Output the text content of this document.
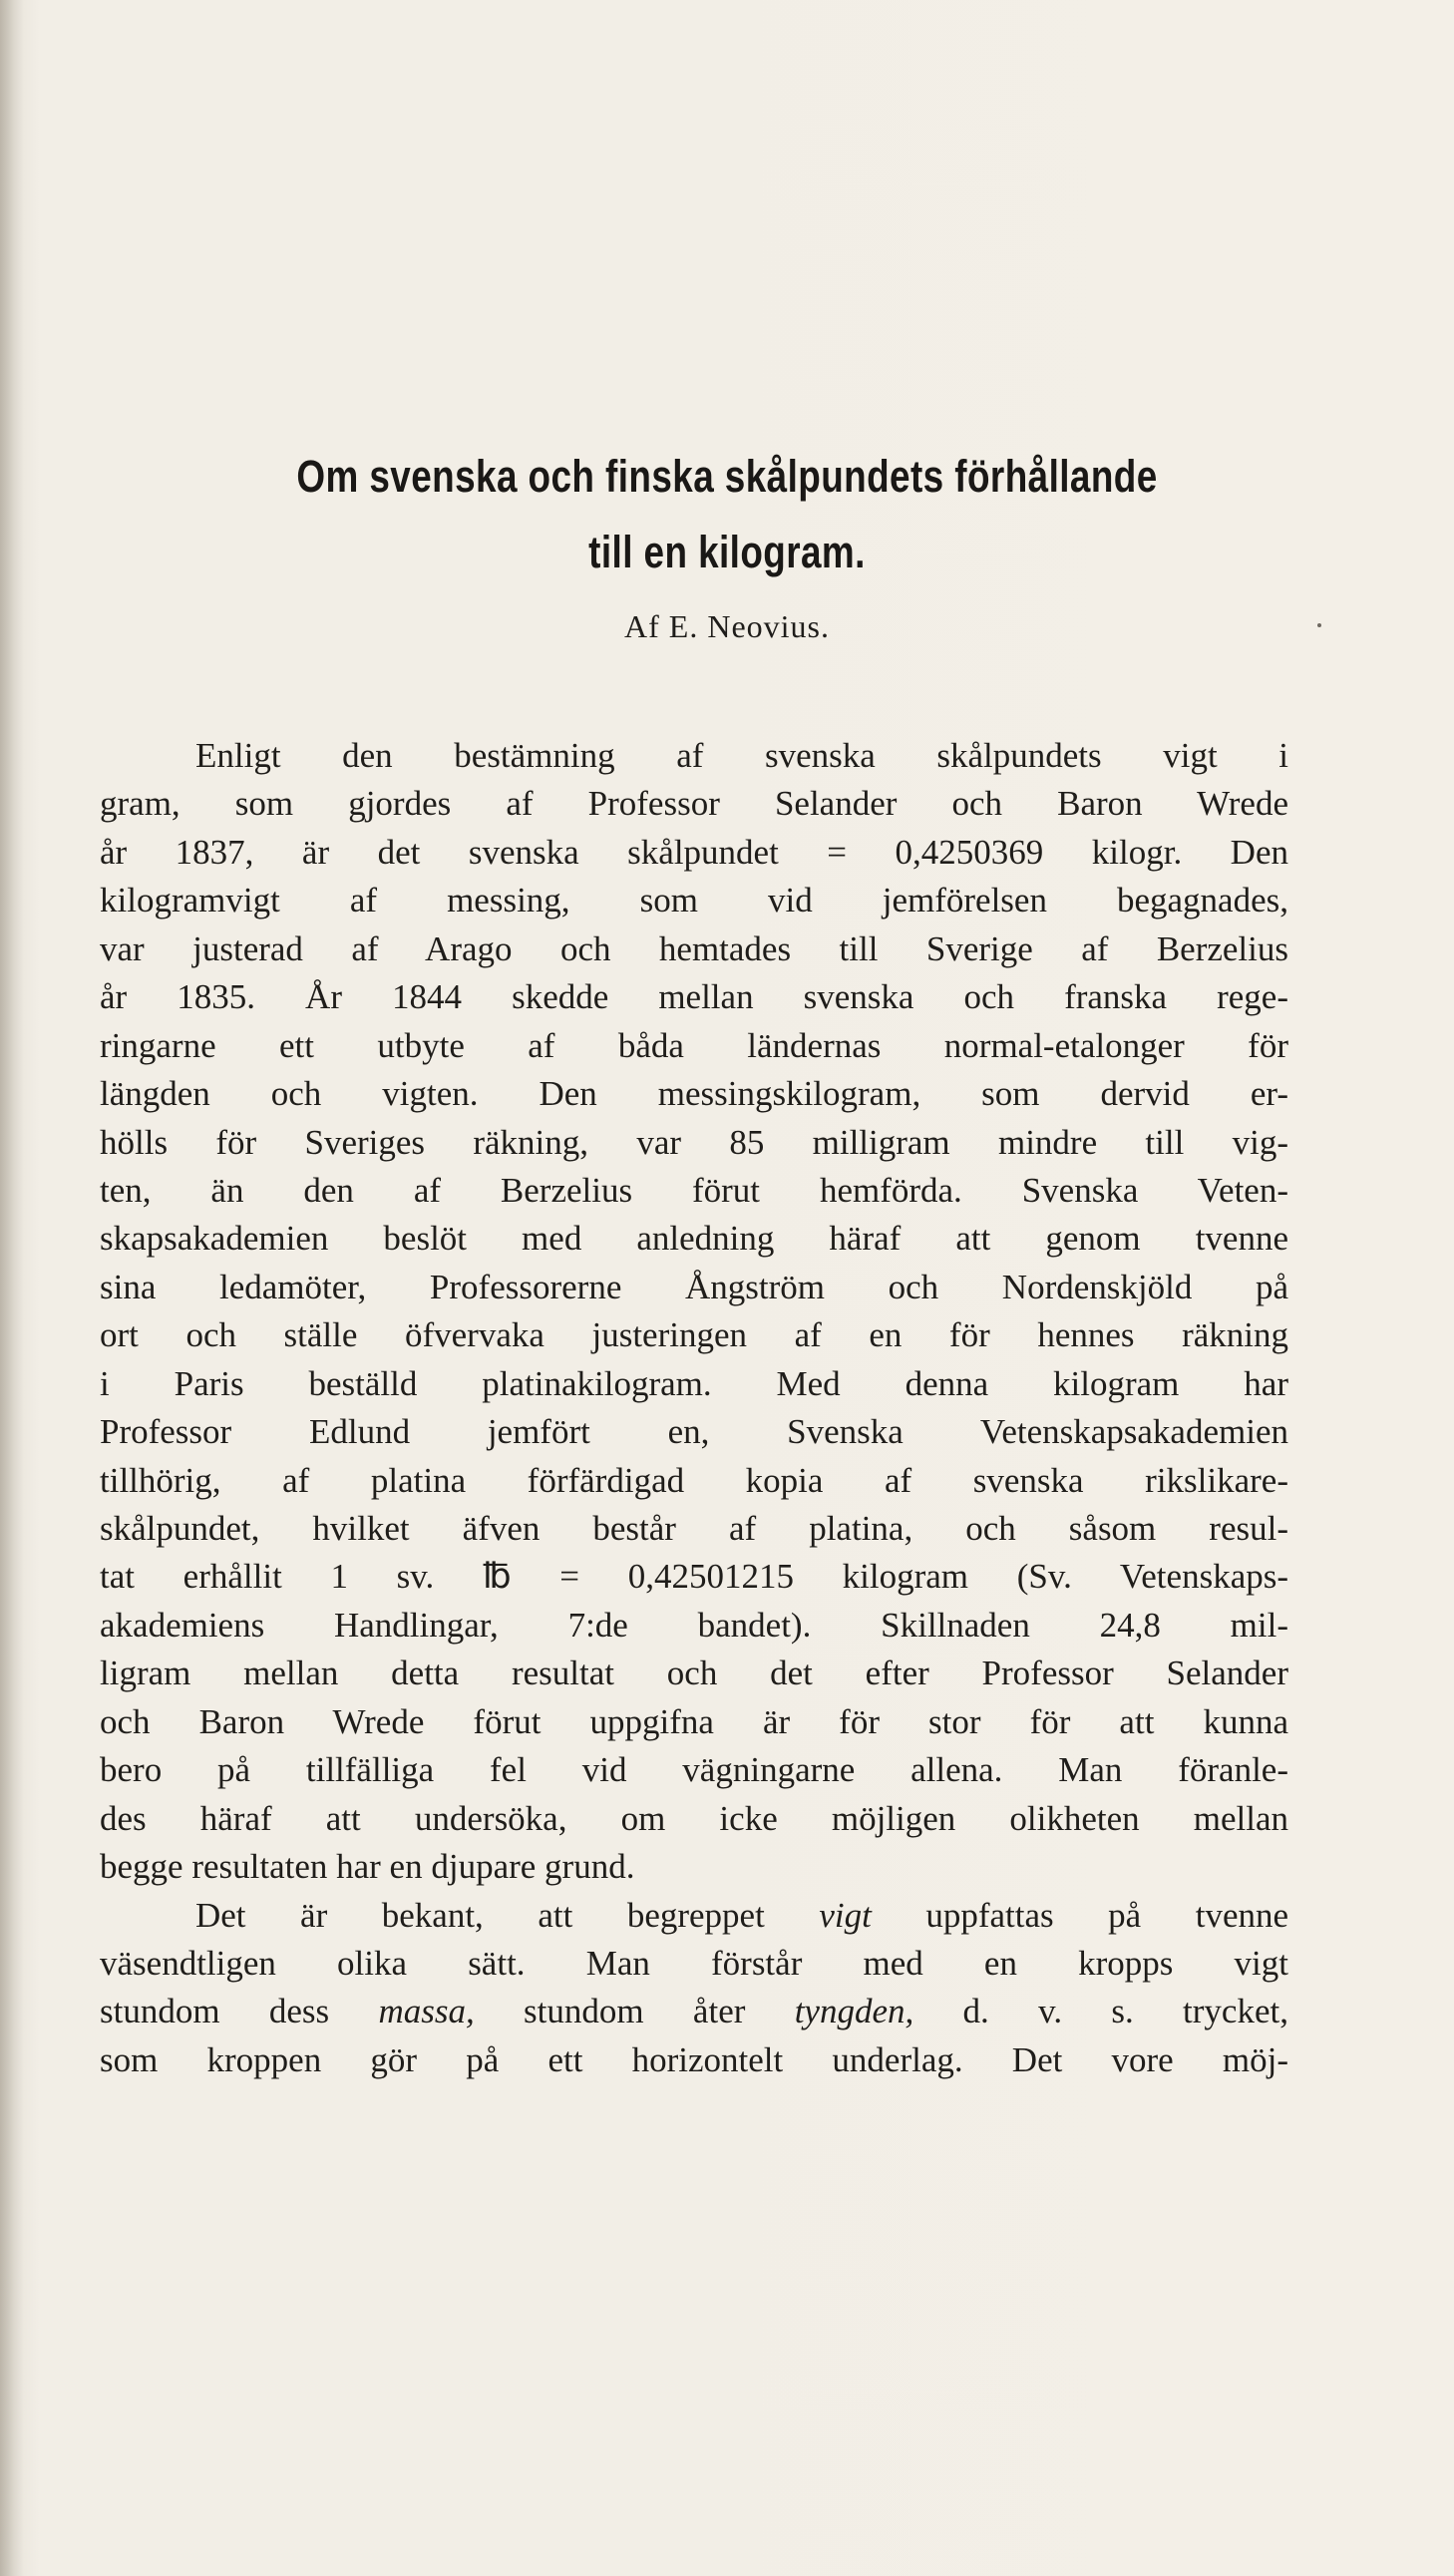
Om svenska och finska skålpundets förhållande
till en kilogram.
Af E. Neovius.
Enligt den bestämning af svenska skålpundets vigt i
gram, som gjordes af Professor Selander och Baron Wrede
år 1837, är det svenska skålpundet = 0,4250369 kilogr. Den
kilogramvigt af messing, som vid jemförelsen begagnades,
var justerad af Arago och hemtades till Sverige af Berzelius
år 1835. År 1844 skedde mellan svenska och franska rege-
ringarne ett utbyte af båda ländernas normal-etalonger för
längden och vigten. Den messingskilogram, som dervid er-
hölls för Sveriges räkning, var 85 milligram mindre till vig-
ten, än den af Berzelius förut hemförda. Svenska Veten-
skapsakademien beslöt med anledning häraf att genom tvenne
sina ledamöter, Professorerne Ångström och Nordenskjöld på
ort och ställe öfvervaka justeringen af en för hennes räkning
i Paris beställd platinakilogram. Med denna kilogram har
Professor Edlund jemfört en, Svenska Vetenskapsakademien
tillhörig, af platina förfärdigad kopia af svenska rikslikare-
skålpundet, hvilket äfven består af platina, och såsom resul-
tat erhållit 1 sv. ℔ = 0,42501215 kilogram (Sv. Vetenskaps-
akademiens Handlingar, 7:de bandet). Skillnaden 24,8 mil-
ligram mellan detta resultat och det efter Professor Selander
och Baron Wrede förut uppgifna är för stor för att kunna
bero på tillfälliga fel vid vägningarne allena. Man föranle-
des häraf att undersöka, om icke möjligen olikheten mellan
begge resultaten har en djupare grund.
Det är bekant, att begreppet vigt uppfattas på tvenne
väsendtligen olika sätt. Man förstår med en kropps vigt
stundom dess massa, stundom åter tyngden, d. v. s. trycket,
som kroppen gör på ett horizontelt underlag. Det vore möj-
